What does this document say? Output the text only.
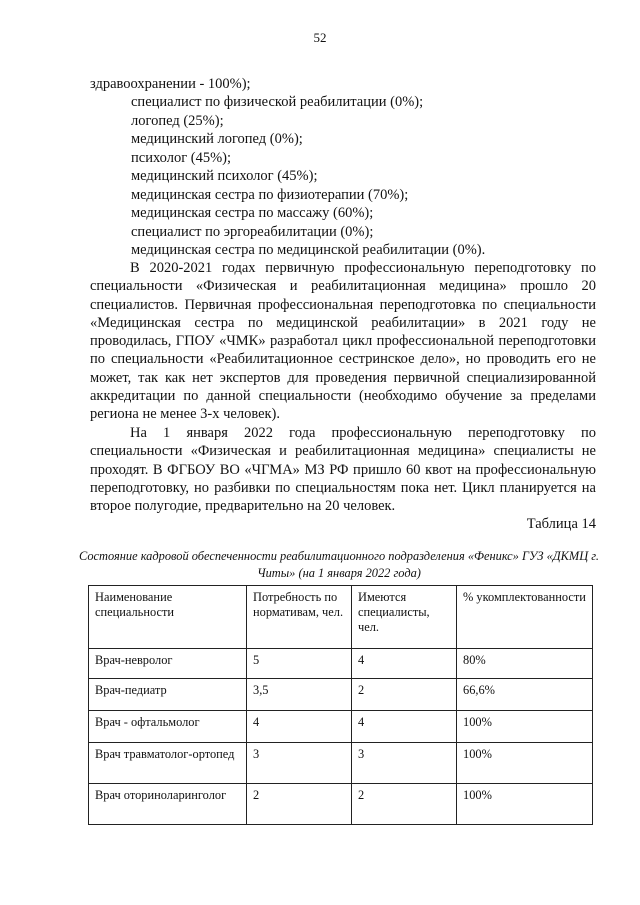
52
здравоохранении - 100%);
специалист по физической реабилитации (0%);
логопед (25%);
медицинский логопед (0%);
психолог (45%);
медицинский психолог (45%);
медицинская сестра по физиотерапии (70%);
медицинская сестра по массажу (60%);
специалист по эргореабилитации (0%);
медицинская сестра по медицинской реабилитации (0%).

В 2020-2021 годах первичную профессиональную переподготовку по специальности «Физическая и реабилитационная медицина» прошло 20 специалистов. Первичная профессиональная переподготовка по специальности «Медицинская сестра по медицинской реабилитации» в 2021 году не проводилась, ГПОУ «ЧМК» разработал цикл профессиональной переподготовки по специальности «Реабилитационное сестринское дело», но проводить его не может, так как нет экспертов для проведения первичной специализированной аккредитации по данной специальности (необходимо обучение за пределами региона не менее 3-х человек).

На 1 января 2022 года профессиональную переподготовку по специальности «Физическая и реабилитационная медицина» специалисты не проходят. В ФГБОУ ВО «ЧГМА» МЗ РФ пришло 60 квот на профессиональную переподготовку, но разбивки по специальностям пока нет. Цикл планируется на второе полугодие, предварительно на 20 человек.

Таблица 14
Состояние кадровой обеспеченности реабилитационного подразделения «Феникс» ГУЗ «ДКМЦ г. Читы» (на 1 января 2022 года)
Наименование специальности	Потребность по нормативам, чел.	Имеются специалисты, чел.	% укомплектованности
Врач-невролог	5	4	80%
Врач-педиатр	3,5	2	66,6%
Врач - офтальмолог	4	4	100%
Врач травматолог-ортопед	3	3	100%
Врач оториноларинголог	2	2	100%
